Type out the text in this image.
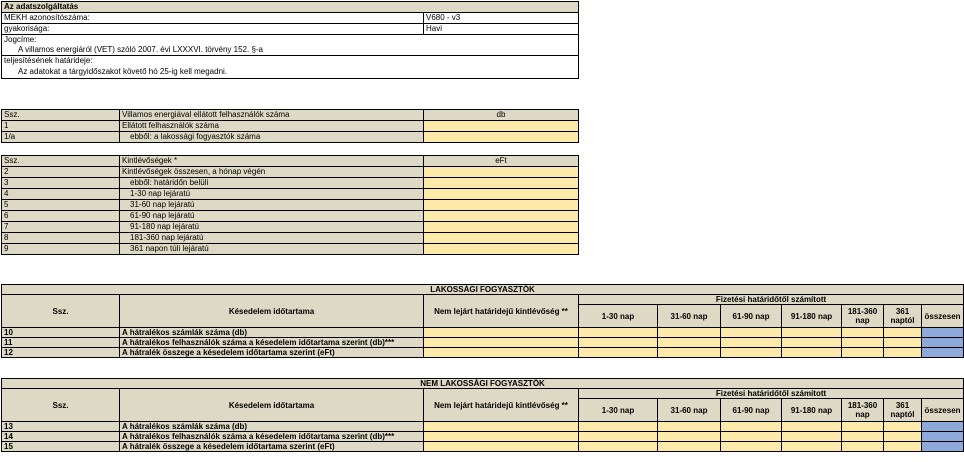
Az adatszolgáltatás	
MEKH azonosítószáma:	V680 - v3
gyakorisága:	Havi
Jogcíme:	
A villamos energiáról (VET) szóló 2007. évi LXXXVI. törvény 152. §-a	
teljesítésének határideje:	
Az adatokat a tárgyidőszakot követő hó 25-ig kell megadni.	
Ssz.	Villamos energiával ellátott felhasználók száma	db
1	Ellátott felhasználók száma	
1/a	ebből: a lakossági fogyasztók száma	
Ssz.	Kintlévőségek *	eFt
2	Kintlévőségek összesen, a hónap végén	
3	ebből: határidőn belüli	
4	1-30 nap lejáratú	
5	31-60 nap lejáratú	
6	61-90 nap lejáratú	
7	91-180 nap lejáratú	
8	181-360 nap lejáratú	
9	361 napon túli lejáratú	
LAKOSSÁGI FOGYASZTÓK									
Ssz.	Késedelem időtartama	Nem lejárt határidejű kintlévőség **	Fizetési határidőtől számított						
			1-30 nap	31-60 nap	61-90 nap	91-180 nap	181-360 nap	361 naptól	összesen
10	A hátralékos számlák száma (db)								
11	A hátralékos felhasználók száma a késedelem időtartama szerint (db)***								
12	A hátralék összege a késedelem időtartama szerint (eFt)								
NEM LAKOSSÁGI FOGYASZTÓK									
Ssz.	Késedelem időtartama	Nem lejárt határidejű kintlévőség **	Fizetési határidőtől számított						
			1-30 nap	31-60 nap	61-90 nap	91-180 nap	181-360 nap	361 naptól	összesen
13	A hátralékos számlák száma (db)								
14	A hátralékos felhasználók száma a késedelem időtartama szerint (db)***								
15	A hátralék összege a késedelem időtartama szerint (eFt)								
